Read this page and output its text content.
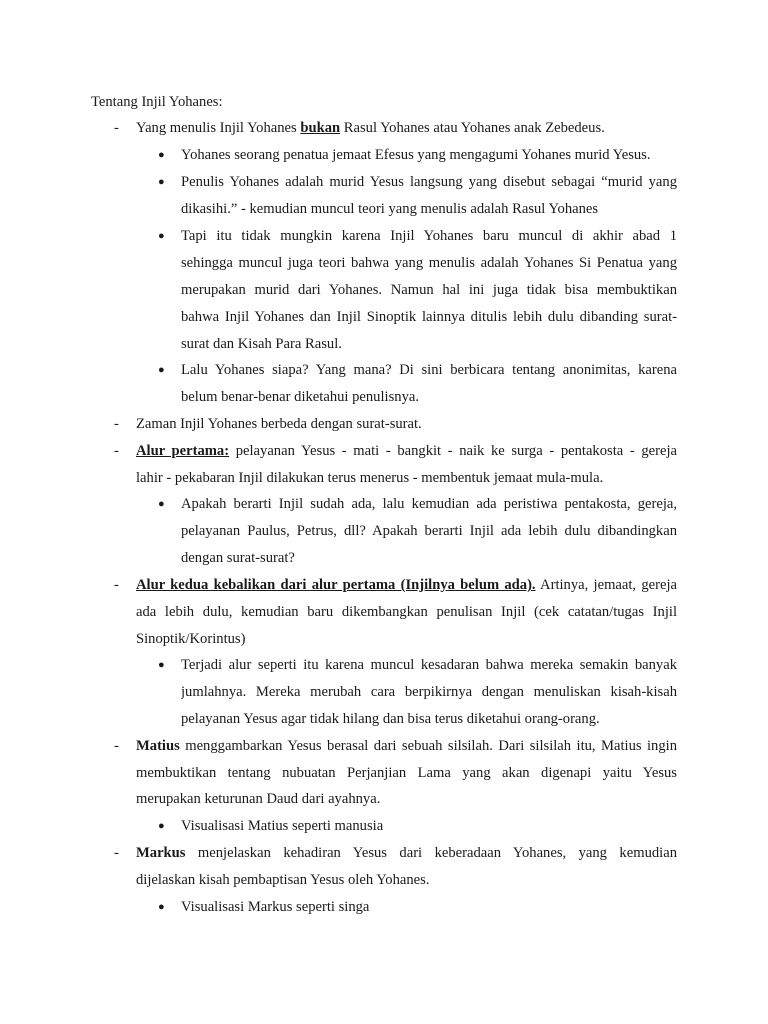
Tentang Injil Yohanes:
- Yang menulis Injil Yohanes bukan Rasul Yohanes atau Yohanes anak Zebedeus.
● Yohanes seorang penatua jemaat Efesus yang mengagumi Yohanes murid Yesus.
● Penulis Yohanes adalah murid Yesus langsung yang disebut sebagai “murid yang
dikasihi.” - kemudian muncul teori yang menulis adalah Rasul Yohanes
● Tapi itu tidak mungkin karena Injil Yohanes baru muncul di akhir abad 1
sehingga muncul juga teori bahwa yang menulis adalah Yohanes Si Penatua yang
merupakan murid dari Yohanes. Namun hal ini juga tidak bisa membuktikan
bahwa Injil Yohanes dan Injil Sinoptik lainnya ditulis lebih dulu dibanding surat-
surat dan Kisah Para Rasul.
● Lalu Yohanes siapa? Yang mana? Di sini berbicara tentang anonimitas, karena
belum benar-benar diketahui penulisnya.
- Zaman Injil Yohanes berbeda dengan surat-surat.
- Alur pertama: pelayanan Yesus - mati - bangkit - naik ke surga - pentakosta - gereja
lahir - pekabaran Injil dilakukan terus menerus - membentuk jemaat mula-mula.
● Apakah berarti Injil sudah ada, lalu kemudian ada peristiwa pentakosta, gereja,
pelayanan Paulus, Petrus, dll? Apakah berarti Injil ada lebih dulu dibandingkan
dengan surat-surat?
- Alur kedua kebalikan dari alur pertama (Injilnya belum ada). Artinya, jemaat, gereja
ada lebih dulu, kemudian baru dikembangkan penulisan Injil (cek catatan/tugas Injil
Sinoptik/Korintus)
● Terjadi alur seperti itu karena muncul kesadaran bahwa mereka semakin banyak
jumlahnya. Mereka merubah cara berpikirnya dengan menuliskan kisah-kisah
pelayanan Yesus agar tidak hilang dan bisa terus diketahui orang-orang.
- Matius menggambarkan Yesus berasal dari sebuah silsilah. Dari silsilah itu, Matius ingin
membuktikan tentang nubuatan Perjanjian Lama yang akan digenapi yaitu Yesus
merupakan keturunan Daud dari ayahnya.
● Visualisasi Matius seperti manusia
- Markus menjelaskan kehadiran Yesus dari keberadaan Yohanes, yang kemudian
dijelaskan kisah pembaptisan Yesus oleh Yohanes.
● Visualisasi Markus seperti singa
